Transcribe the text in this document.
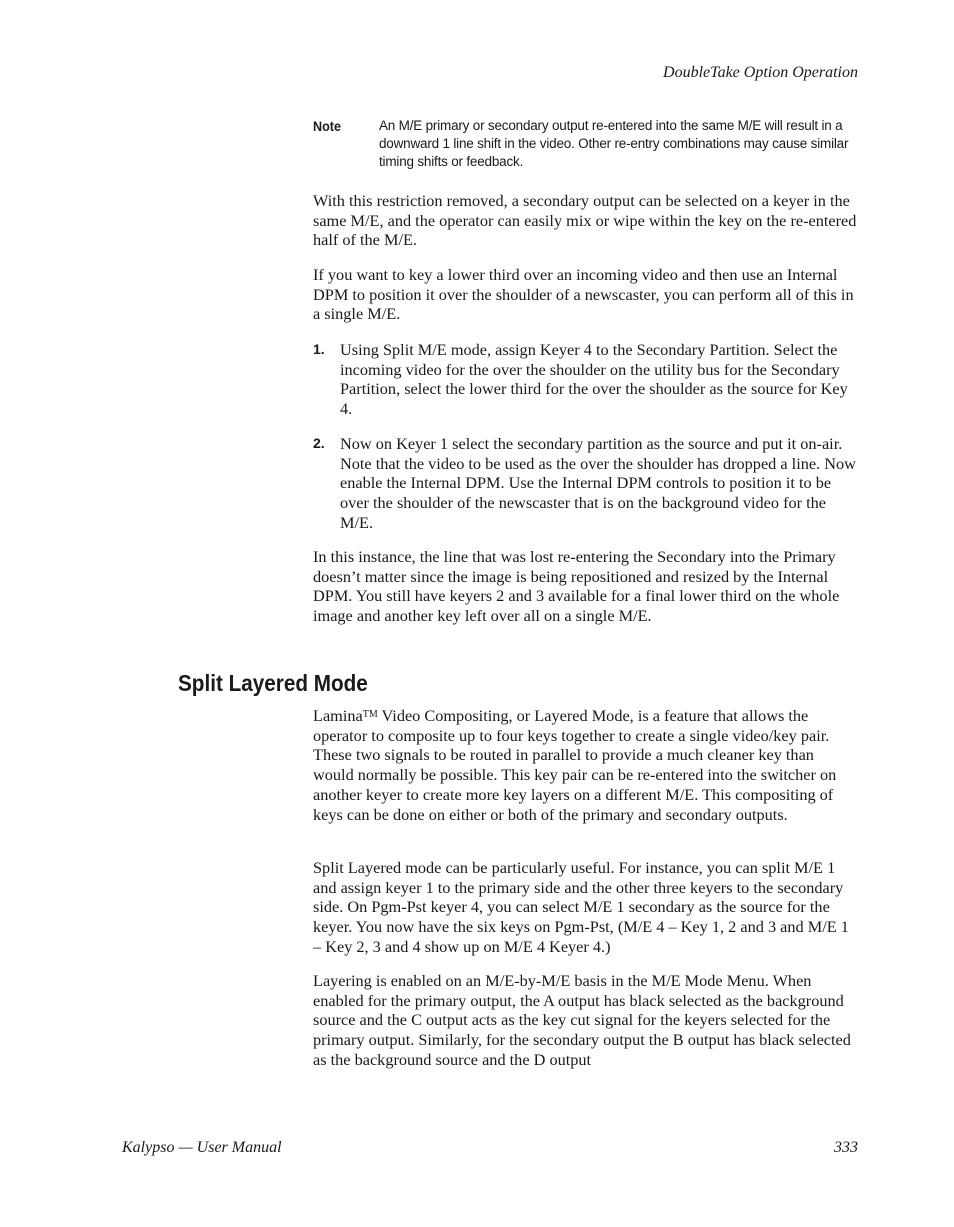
DoubleTake Option Operation
Note	An M/E primary or secondary output re-entered into the same M/E will result in a downward 1 line shift in the video. Other re-entry combinations may cause similar timing shifts or feedback.

With this restriction removed, a secondary output can be selected on a keyer in the same M/E, and the operator can easily mix or wipe within the key on the re-entered half of the M/E.

If you want to key a lower third over an incoming video and then use an Internal DPM to position it over the shoulder of a newscaster, you can perform all of this in a single M/E.

1. Using Split M/E mode, assign Keyer 4 to the Secondary Partition. Select the incoming video for the over the shoulder on the utility bus for the Secondary Partition, select the lower third for the over the shoulder as the source for Key 4.
2. Now on Keyer 1 select the secondary partition as the source and put it on-air. Note that the video to be used as the over the shoulder has dropped a line. Now enable the Internal DPM. Use the Internal DPM controls to position it to be over the shoulder of the newscaster that is on the background video for the M/E.

In this instance, the line that was lost re-entering the Secondary into the Primary doesn’t matter since the image is being repositioned and resized by the Internal DPM. You still have keyers 2 and 3 available for a final lower third on the whole image and another key left over all on a single M/E.

Split Layered Mode

Lamina™ Video Compositing, or Layered Mode, is a feature that allows the operator to composite up to four keys together to create a single video/key pair. These two signals to be routed in parallel to provide a much cleaner key than would normally be possible. This key pair can be re-entered into the switcher on another keyer to create more key layers on a different M/E. This compositing of keys can be done on either or both of the primary and secondary outputs.

Split Layered mode can be particularly useful. For instance, you can split M/E 1 and assign keyer 1 to the primary side and the other three keyers to the secondary side. On Pgm-Pst keyer 4, you can select M/E 1 secondary as the source for the keyer. You now have the six keys on Pgm-Pst, (M/E 4 – Key 1, 2 and 3 and M/E 1 – Key 2, 3 and 4 show up on M/E 4 Keyer 4.)

Layering is enabled on an M/E-by-M/E basis in the M/E Mode Menu. When enabled for the primary output, the A output has black selected as the background source and the C output acts as the key cut signal for the keyers selected for the primary output. Similarly, for the secondary output the B output has black selected as the background source and the D output

Kalypso — User Manual	333
